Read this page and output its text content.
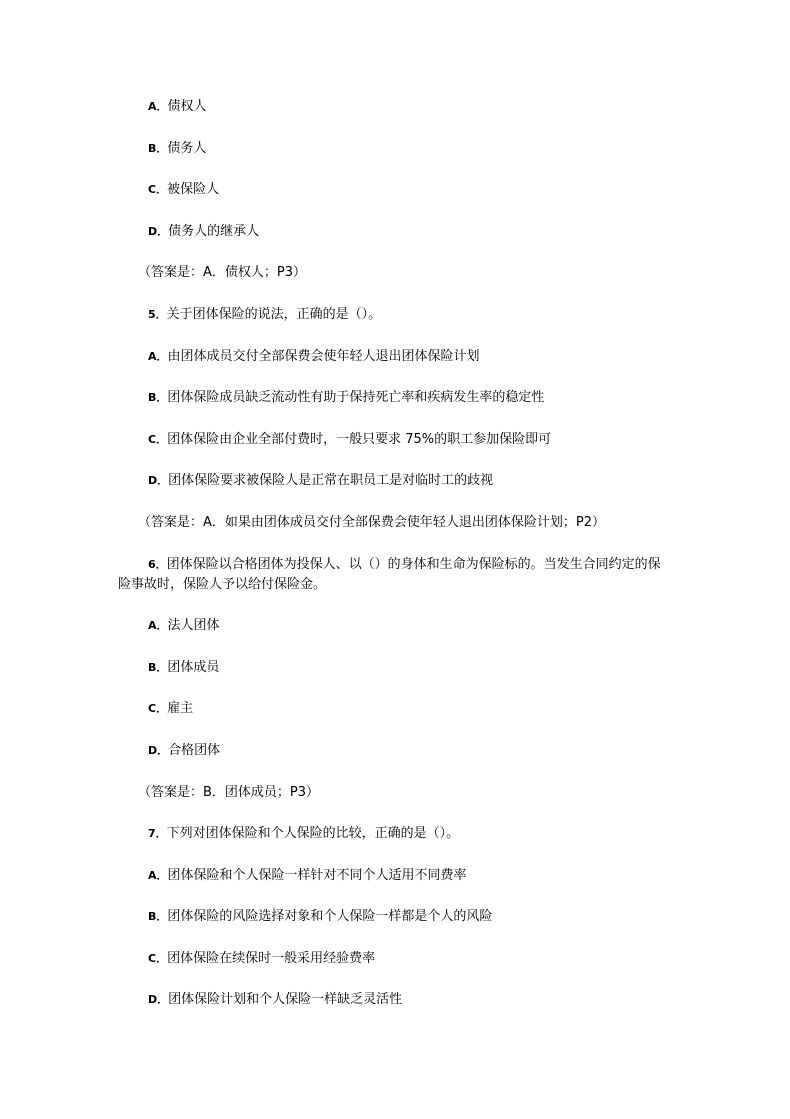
A．债权人

B．债务人

C．被保险人

D．债务人的继承人

（答案是：A．债权人；P3）

5．关于团体保险的说法，正确的是（）。

A．由团体成员交付全部保费会使年轻人退出团体保险计划

B．团体保险成员缺乏流动性有助于保持死亡率和疾病发生率的稳定性

C．团体保险由企业全部付费时，一般只要求 75%的职工参加保险即可

D．团体保险要求被保险人是正常在职员工是对临时工的歧视

（答案是：A．如果由团体成员交付全部保费会使年轻人退出团体保险计划；P2）

6．团体保险以合格团体为投保人、以（）的身体和生命为保险标的。当发生合同约定的保险事故时，保险人予以给付保险金。

A．法人团体

B．团体成员

C．雇主

D．合格团体

（答案是：B．团体成员；P3）

7．下列对团体保险和个人保险的比较，正确的是（）。

A．团体保险和个人保险一样针对不同个人适用不同费率

B．团体保险的风险选择对象和个人保险一样都是个人的风险

C．团体保险在续保时一般采用经验费率

D．团体保险计划和个人保险一样缺乏灵活性
